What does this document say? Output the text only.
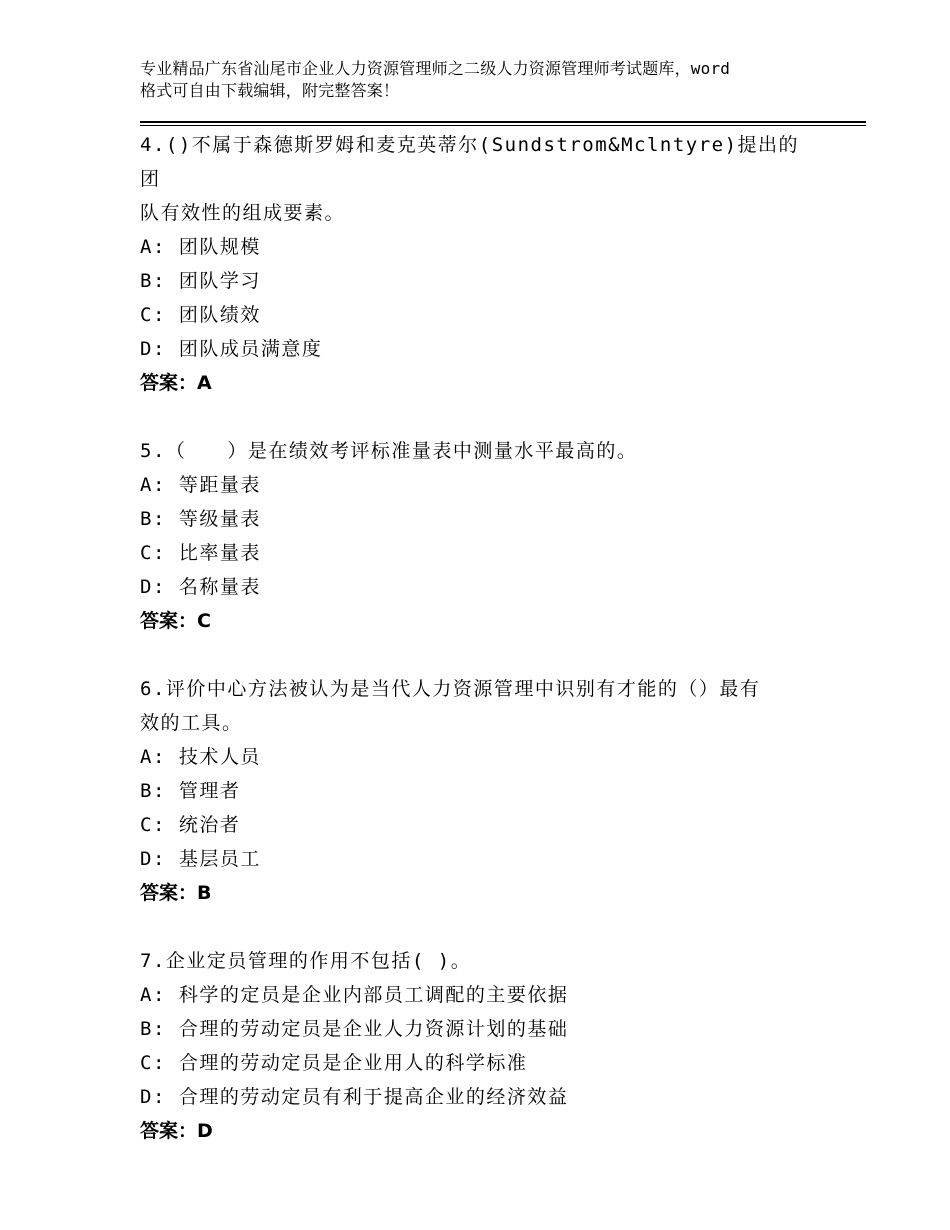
专业精品广东省汕尾市企业人力资源管理师之二级人力资源管理师考试题库，word
格式可自由下载编辑，附完整答案！
4.()不属于森德斯罗姆和麦克英蒂尔(Sundstrom&Mclntyre)提出的团
队有效性的组成要素。
A: 团队规模
B: 团队学习
C: 团队绩效
D: 团队成员满意度
答案：A
5.（　　）是在绩效考评标准量表中测量水平最高的。
A: 等距量表
B: 等级量表
C: 比率量表
D: 名称量表
答案：C
6.评价中心方法被认为是当代人力资源管理中识别有才能的（）最有
效的工具。
A: 技术人员
B: 管理者
C: 统治者
D: 基层员工
答案：B
7.企业定员管理的作用不包括( )。
A: 科学的定员是企业内部员工调配的主要依据
B: 合理的劳动定员是企业人力资源计划的基础
C: 合理的劳动定员是企业用人的科学标准
D: 合理的劳动定员有利于提高企业的经济效益
答案：D
